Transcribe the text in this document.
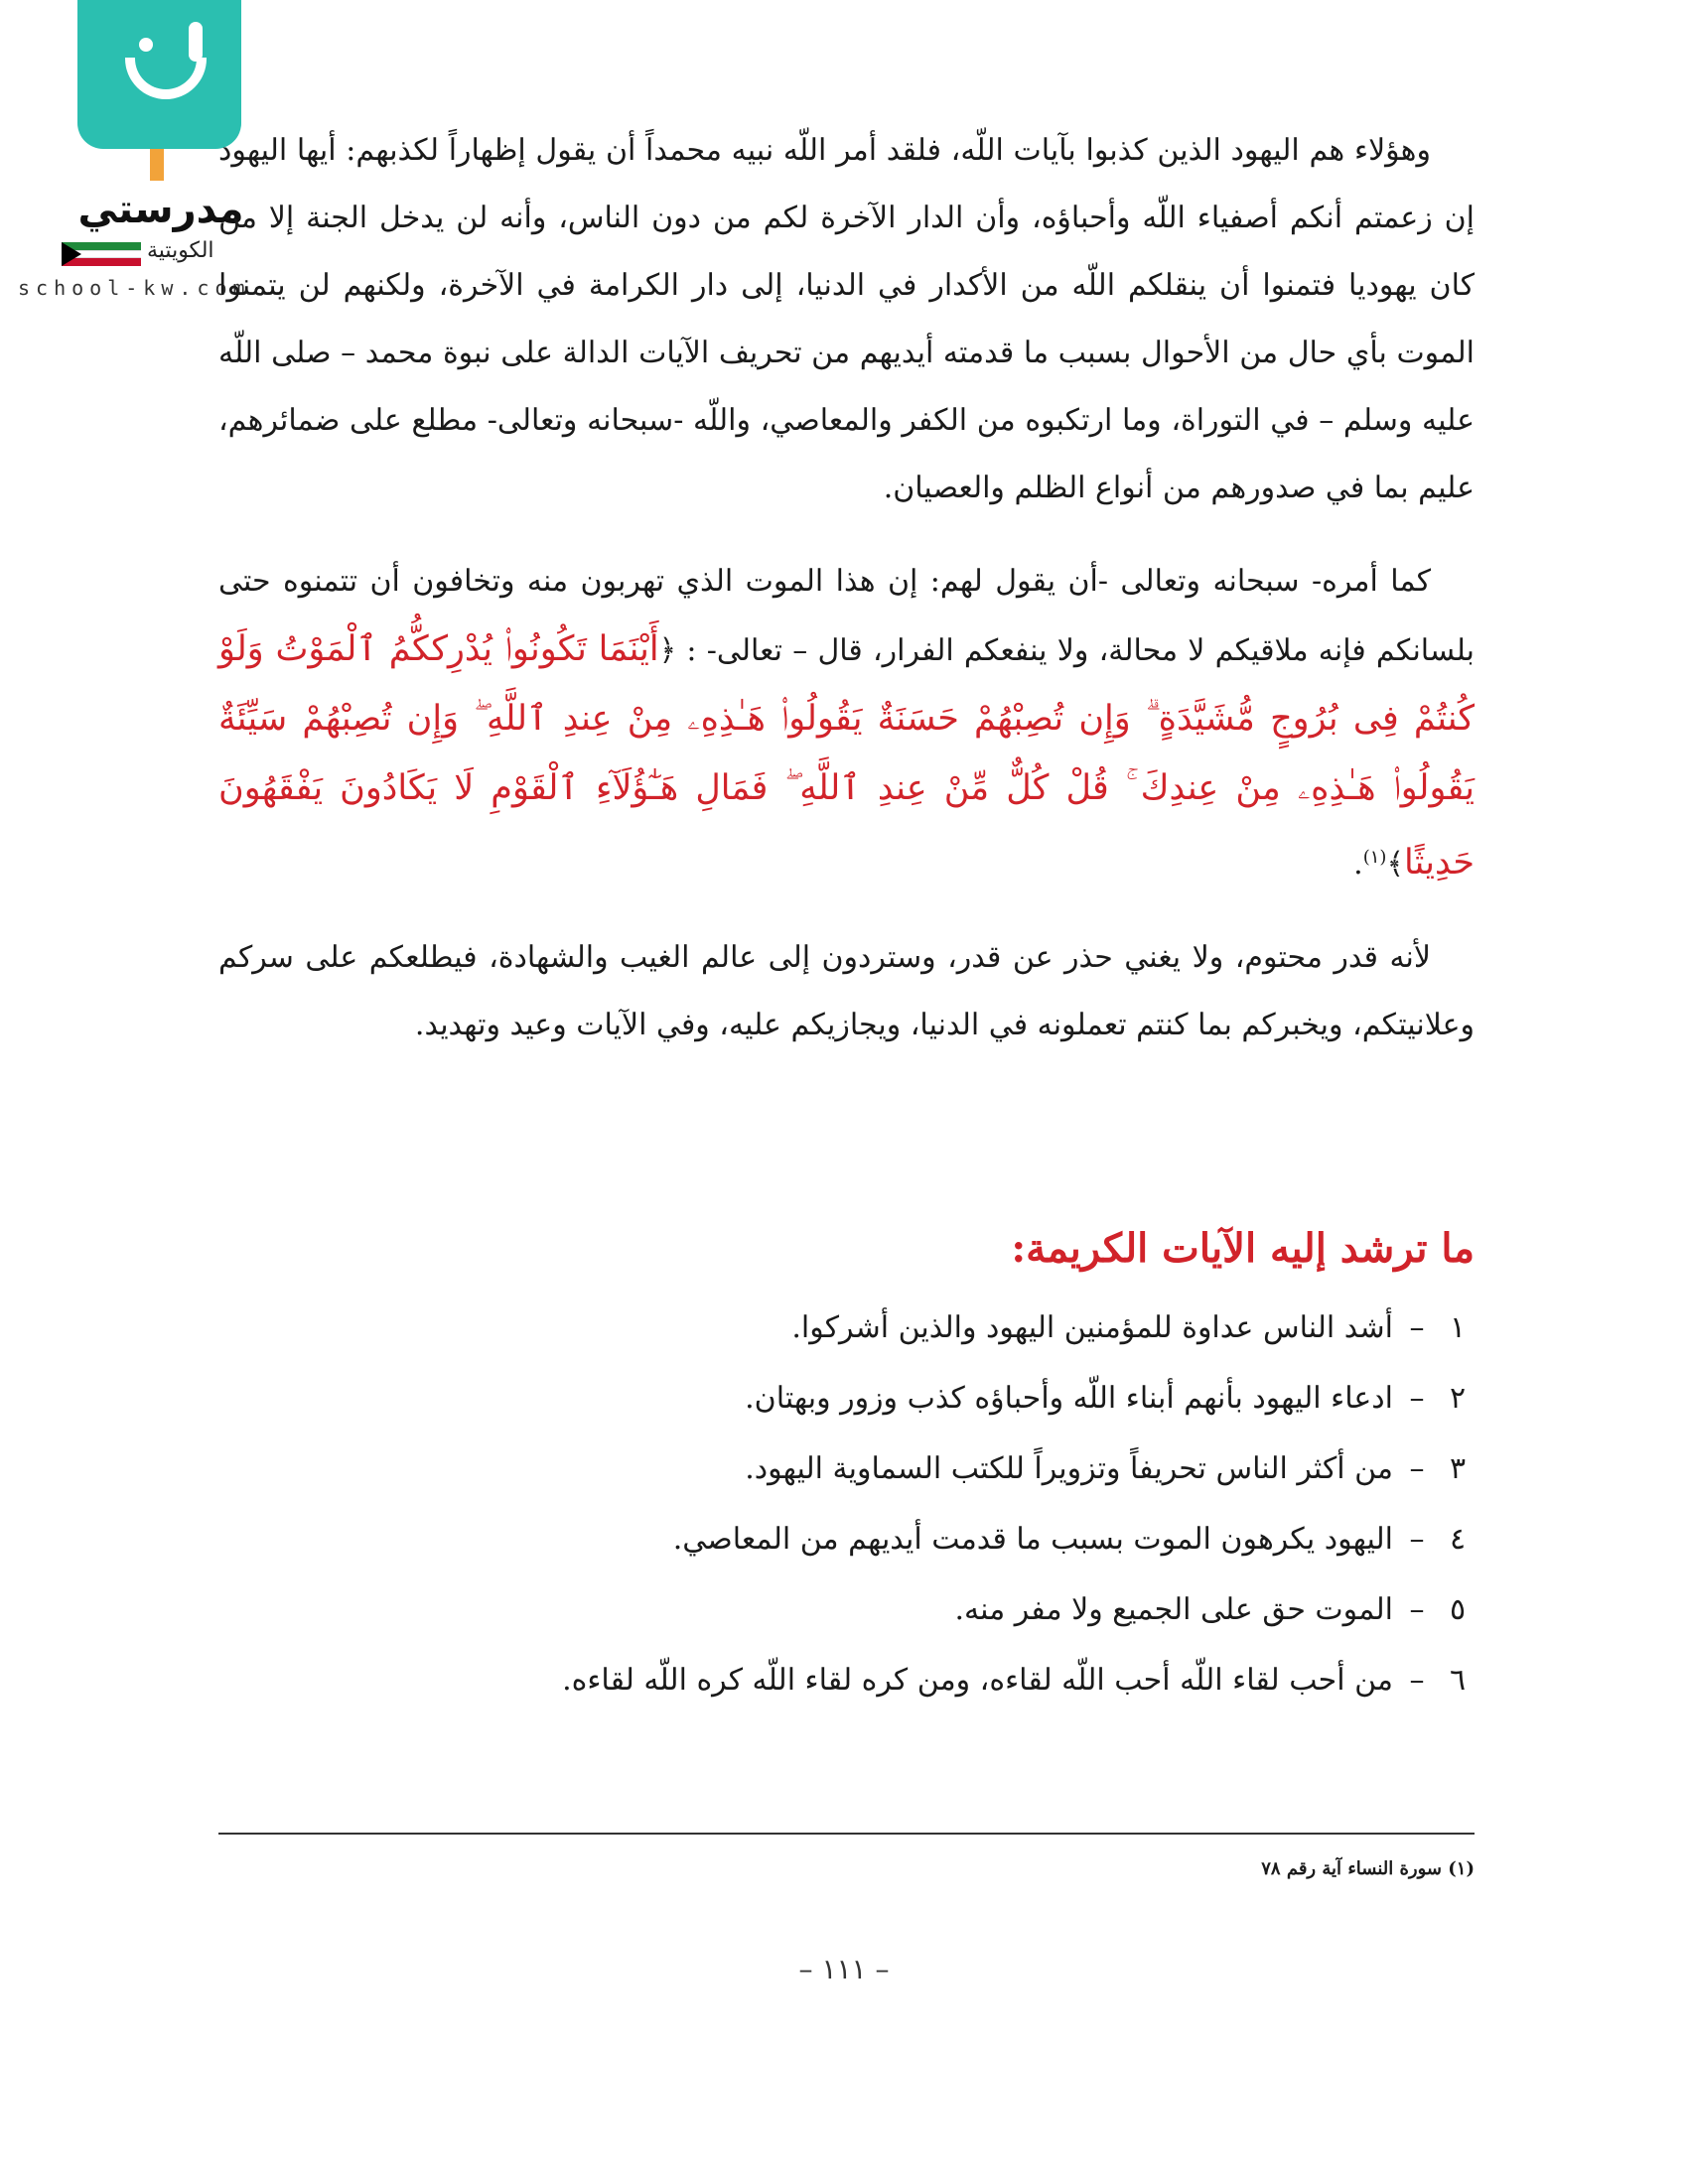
مدرستي
الكويتية
school-kw.com

وهؤلاء هم اليهود الذين كذبوا بآيات اللّه، فلقد أمر اللّه نبيه محمداً أن يقول إظهاراً لكذبهم: أيها اليهود إن زعمتم أنكم أصفياء اللّه وأحباؤه، وأن الدار الآخرة لكم من دون الناس، وأنه لن يدخل الجنة إلا من كان يهوديا فتمنوا أن ينقلكم اللّه من الأكدار في الدنيا، إلى دار الكرامة في الآخرة، ولكنهم لن يتمنوا الموت بأي حال من الأحوال بسبب ما قدمته أيديهم من تحريف الآيات الدالة على نبوة محمد – صلى اللّه عليه وسلم – في التوراة، وما ارتكبوه من الكفر والمعاصي، واللّه -سبحانه وتعالى- مطلع على ضمائرهم، عليم بما في صدورهم من أنواع الظلم والعصيان.

كما أمره- سبحانه وتعالى -أن يقول لهم: إن هذا الموت الذي تهربون منه وتخافون أن تتمنوه حتى بلسانكم فإنه ملاقيكم لا محالة، ولا ينفعكم الفرار، قال – تعالى- : ﴿أَيْنَمَا تَكُونُوا۟ يُدْرِككُّمُ ٱلْمَوْتُ وَلَوْ كُنتُمْ فِى بُرُوجٍ مُّشَيَّدَةٍ ۗ وَإِن تُصِبْهُمْ حَسَنَةٌ يَقُولُوا۟ هَـٰذِهِۦ مِنْ عِندِ ٱللَّهِ ۖ وَإِن تُصِبْهُمْ سَيِّئَةٌ يَقُولُوا۟ هَـٰذِهِۦ مِنْ عِندِكَ ۚ قُلْ كُلٌّ مِّنْ عِندِ ٱللَّهِ ۖ فَمَالِ هَـٰٓؤُلَآءِ ٱلْقَوْمِ لَا يَكَادُونَ يَفْقَهُونَ حَدِيثًا﴾$^{(١)}$.

لأنه قدر محتوم، ولا يغني حذر عن قدر، وستردون إلى عالم الغيب والشهادة، فيطلعكم على سركم وعلانيتكم، ويخبركم بما كنتم تعملونه في الدنيا، ويجازيكم عليه، وفي الآيات وعيد وتهديد.

ما ترشد إليه الآيات الكريمة:
١
–
أشد الناس عداوة للمؤمنين اليهود والذين أشركوا.
٢
–
ادعاء اليهود بأنهم أبناء اللّه وأحباؤه كذب وزور وبهتان.
٣
–
من أكثر الناس تحريفاً وتزويراً للكتب السماوية اليهود.
٤
–
اليهود يكرهون الموت بسبب ما قدمت أيديهم من المعاصي.
٥
–
الموت حق على الجميع ولا مفر منه.
٦
–
من أحب لقاء اللّه أحب اللّه لقاءه، ومن كره لقاء اللّه كره اللّه لقاءه.
(١) سورة النساء آية رقم ٧٨
– ١١١ –
